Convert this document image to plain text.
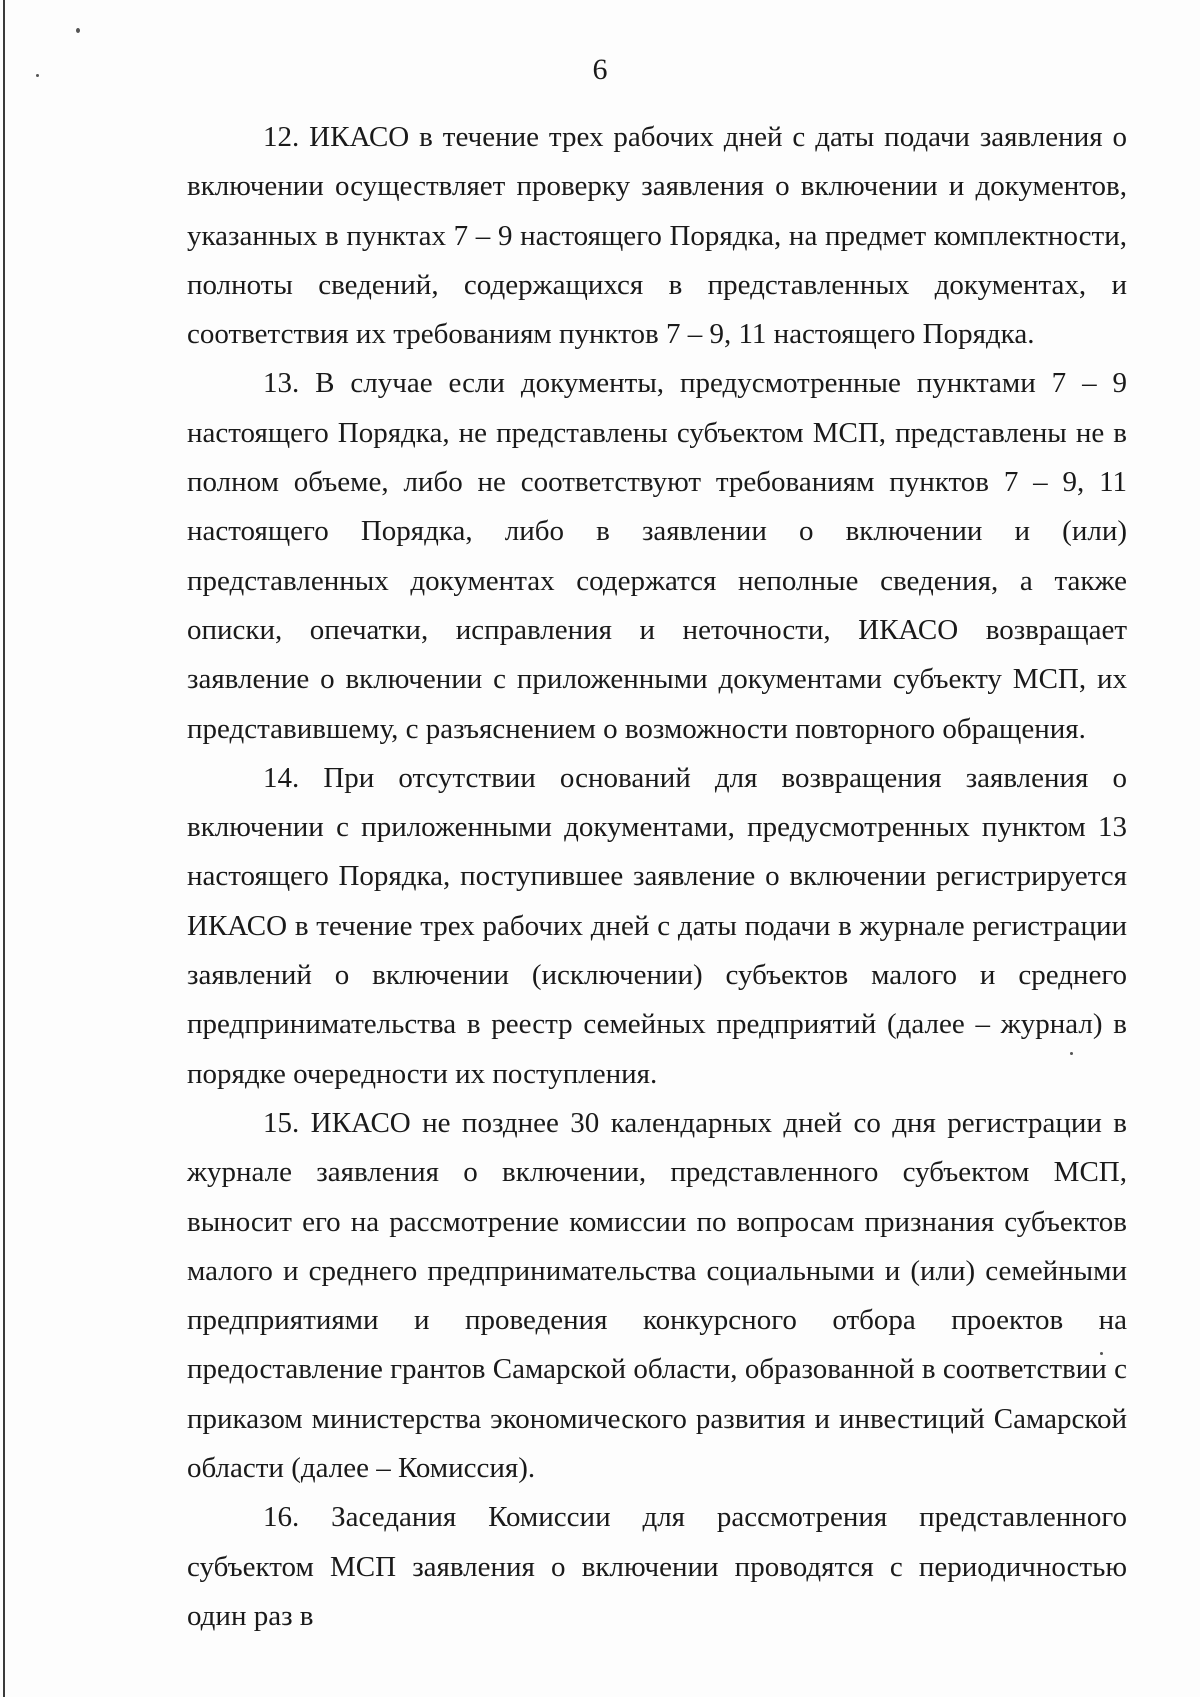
6

12. ИКАСО в течение трех рабочих дней с даты подачи заявления о включении осуществляет проверку заявления о включении и документов, указанных в пунктах 7 – 9 настоящего Порядка, на предмет комплектности, полноты сведений, содержащихся в представленных документах, и соответствия их требованиям пунктов 7 – 9, 11 настоящего Порядка.

13. В случае если документы, предусмотренные пунктами 7 – 9 настоящего Порядка, не представлены субъектом МСП, представлены не в полном объеме, либо не соответствуют требованиям пунктов 7 – 9, 11 настоящего Порядка, либо в заявлении о включении и (или) представленных документах содержатся неполные сведения, а также описки, опечатки, исправления и неточности, ИКАСО возвращает заявление о включении с приложенными документами субъекту МСП, их представившему, с разъяснением о возможности повторного обращения.

14. При отсутствии оснований для возвращения заявления о включении с приложенными документами, предусмотренных пунктом 13 настоящего Порядка, поступившее заявление о включении регистрируется ИКАСО в течение трех рабочих дней с даты подачи в журнале регистрации заявлений о включении (исключении) субъектов малого и среднего предпринимательства в реестр семейных предприятий (далее – журнал) в порядке очередности их поступления.

15. ИКАСО не позднее 30 календарных дней со дня регистрации в журнале заявления о включении, представленного субъектом МСП, выносит его на рассмотрение комиссии по вопросам признания субъектов малого и среднего предпринимательства социальными и (или) семейными предприятиями и проведения конкурсного отбора проектов на предоставление грантов Самарской области, образованной в соответствии с приказом министерства экономического развития и инвестиций Самарской области (далее – Комиссия).

16. Заседания Комиссии для рассмотрения представленного субъектом МСП заявления о включении проводятся с периодичностью один раз в
